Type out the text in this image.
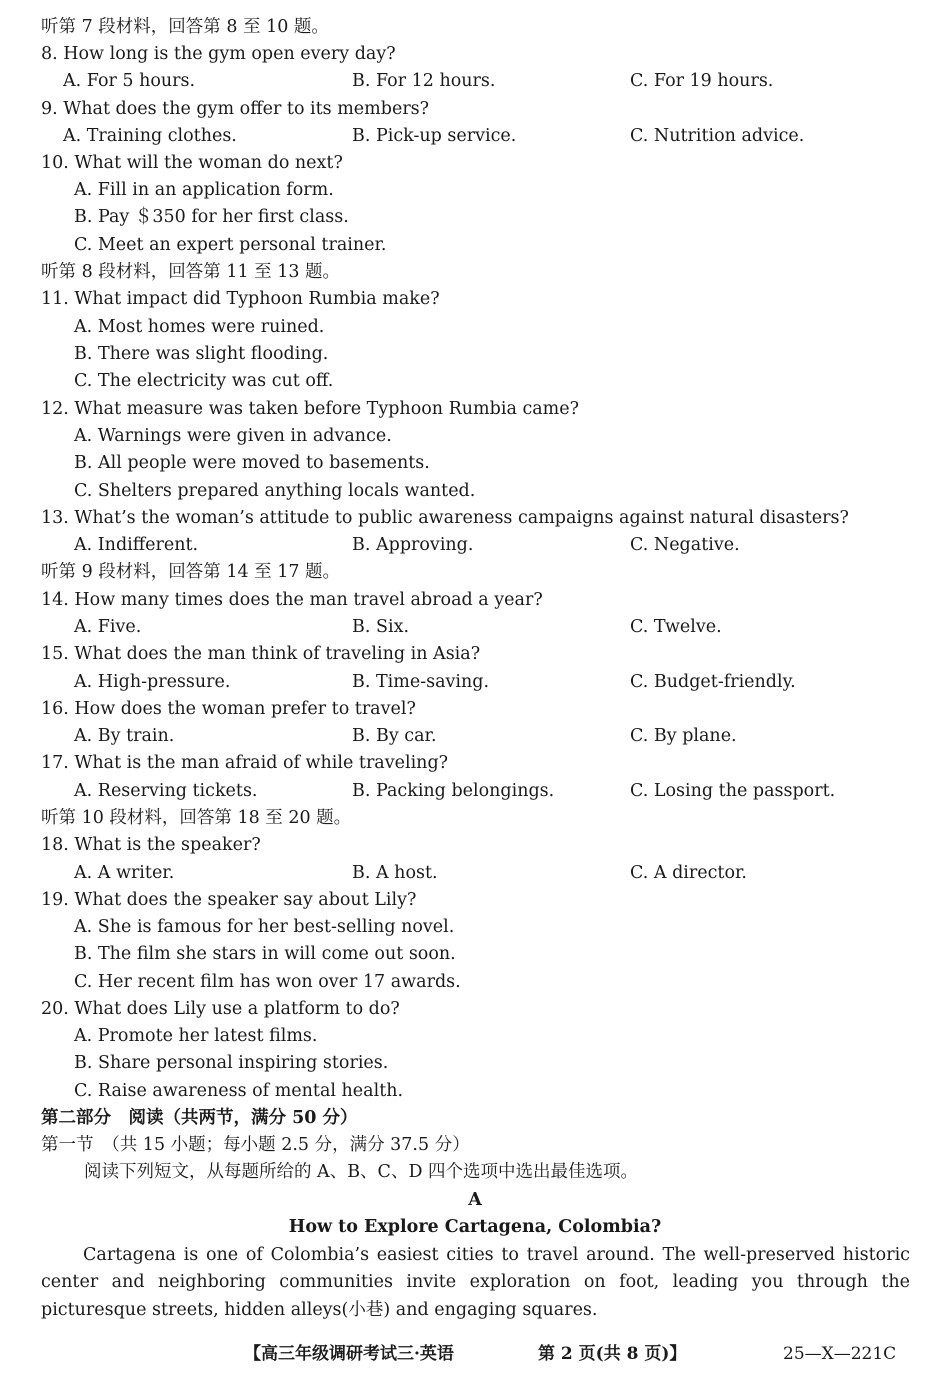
听第 7 段材料，回答第 8 至 10 题。
8. How long is the gym open every day?
A. For 5 hours.	B. For 12 hours.	C. For 19 hours.
9. What does the gym offer to its members?
A. Training clothes.	B. Pick-up service.	C. Nutrition advice.
10. What will the woman do next?
A. Fill in an application form.
B. Pay ＄350 for her first class.
C. Meet an expert personal trainer.
听第 8 段材料，回答第 11 至 13 题。
11. What impact did Typhoon Rumbia make?
A. Most homes were ruined.
B. There was slight flooding.
C. The electricity was cut off.
12. What measure was taken before Typhoon Rumbia came?
A. Warnings were given in advance.
B. All people were moved to basements.
C. Shelters prepared anything locals wanted.
13. What’s the woman’s attitude to public awareness campaigns against natural disasters?
A. Indifferent.	B. Approving.	C. Negative.
听第 9 段材料，回答第 14 至 17 题。
14. How many times does the man travel abroad a year?
A. Five.	B. Six.	C. Twelve.
15. What does the man think of traveling in Asia?
A. High-pressure.	B. Time-saving.	C. Budget-friendly.
16. How does the woman prefer to travel?
A. By train.	B. By car.	C. By plane.
17. What is the man afraid of while traveling?
A. Reserving tickets.	B. Packing belongings.	C. Losing the passport.
听第 10 段材料，回答第 18 至 20 题。
18. What is the speaker?
A. A writer.	B. A host.	C. A director.
19. What does the speaker say about Lily?
A. She is famous for her best-selling novel.
B. The film she stars in will come out soon.
C. Her recent film has won over 17 awards.
20. What does Lily use a platform to do?
A. Promote her latest films.
B. Share personal inspiring stories.
C. Raise awareness of mental health.
第二部分　阅读（共两节，满分 50 分）
第一节　（共 15 小题；每小题 2.5 分，满分 37.5 分）
阅读下列短文，从每题所给的 A、B、C、D 四个选项中选出最佳选项。
A
How to Explore Cartagena, Colombia?
Cartagena is one of Colombia’s easiest cities to travel around. The well-preserved historic center and neighboring communities invite exploration on foot, leading you through the picturesque streets, hidden alleys(小巷) and engaging squares.
【高三年级调研考试三·英语	第 2 页(共 8 页)】	25—X—221C
